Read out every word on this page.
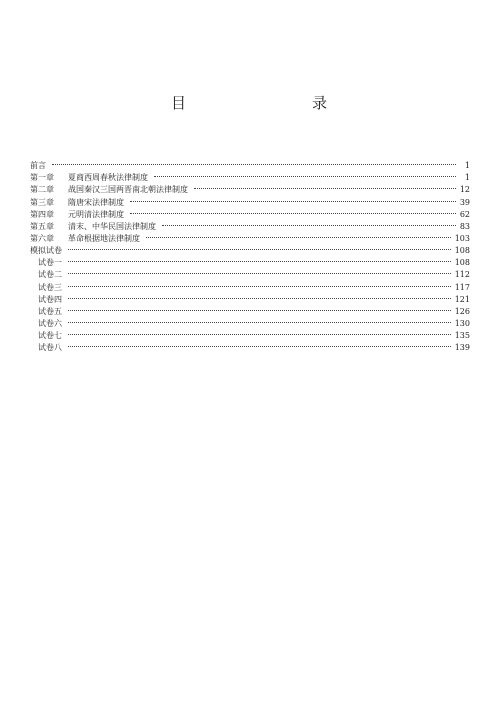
目　　录
前言	1
第一章	夏商西周春秋法律制度	1
第二章	战国秦汉三国两晋南北朝法律制度	12
第三章	隋唐宋法律制度	39
第四章	元明清法律制度	62
第五章	清末、中华民国法律制度	83
第六章	革命根据地法律制度	103
模拟试卷	108
试卷一	108
试卷二	112
试卷三	117
试卷四	121
试卷五	126
试卷六	130
试卷七	135
试卷八	139
